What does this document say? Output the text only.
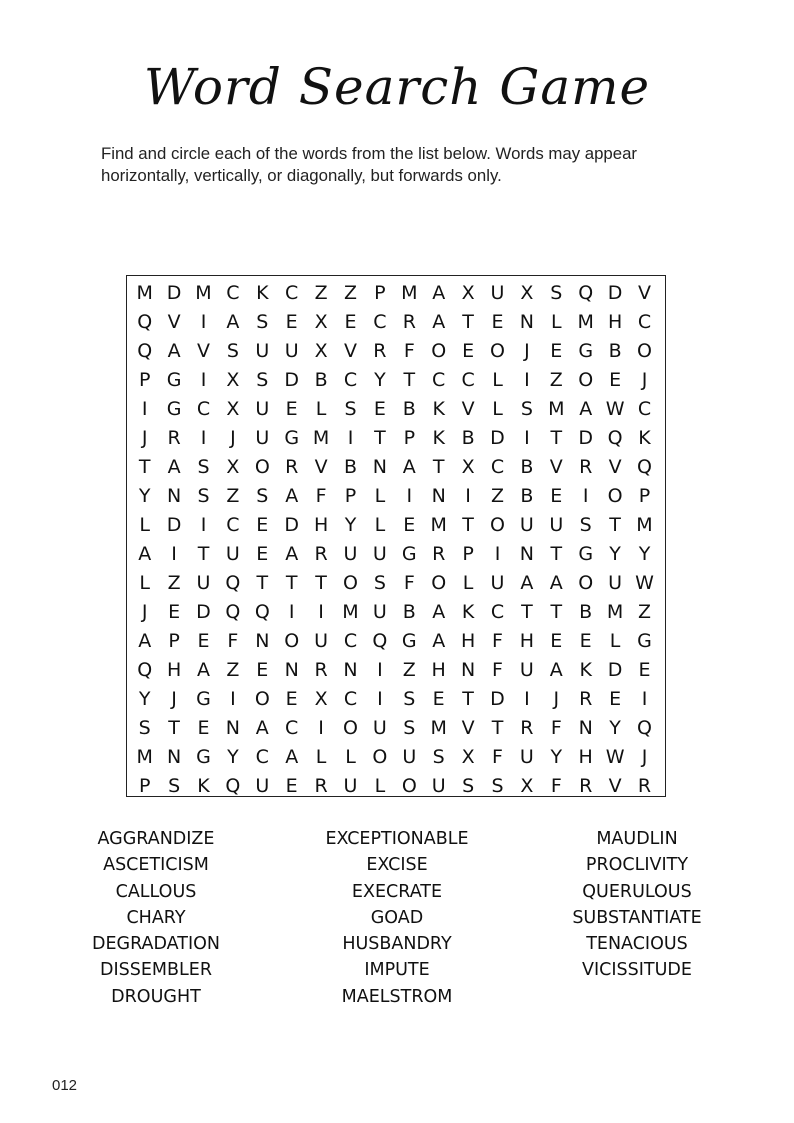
Word Search Game
Find and circle each of the words from the list below. Words may appear horizontally, vertically, or diagonally, but forwards only.
M D M C K C Z Z P M A X U X S Q D V
Q V	I	A S E X E C R A T E N L M H C
Q A V S U U X V R F O E O	J	E G B O
P G	I	X S D B C Y T C C L	I	Z O E	J
I	G C X U E L S E B K V L S M A W C
J	R	I	J	U G M I	T P K B D	I	T D Q K
T A S X O R V B N A T X C B V R V Q
Y N S Z S A F P L	I	N	I	Z B E	I	O P
L D	I	C E D H Y L E M T O U U S T M
A	I	T U E A R U U G R P	I	N T G Y Y
L Z U Q T T T O S F O L U A A O U W
J	E D Q Q	I	I M U B A K C T T B M Z
A P E F N O U C Q G A H F H E E L G
Q H A Z E N R N	I	Z H N F U A K D E
Y	J	G	I	O E X C	I	S E T D	I	J	R E	I
S T E N A C	I	O U S M V T R F N Y Q
M N G Y C A L L O U S X F U Y H W J
P S K Q U E R U L O U S S X F R V R
AGGRANDIZE
ASCETICISM
CALLOUS
CHARY
DEGRADATION
DISSEMBLER
DROUGHT
EXCEPTIONABLE
EXCISE
EXECRATE
GOAD
HUSBANDRY
IMPUTE
MAELSTROM
MAUDLIN
PROCLIVITY
QUERULOUS
SUBSTANTIATE
TENACIOUS
VICISSITUDE
012
